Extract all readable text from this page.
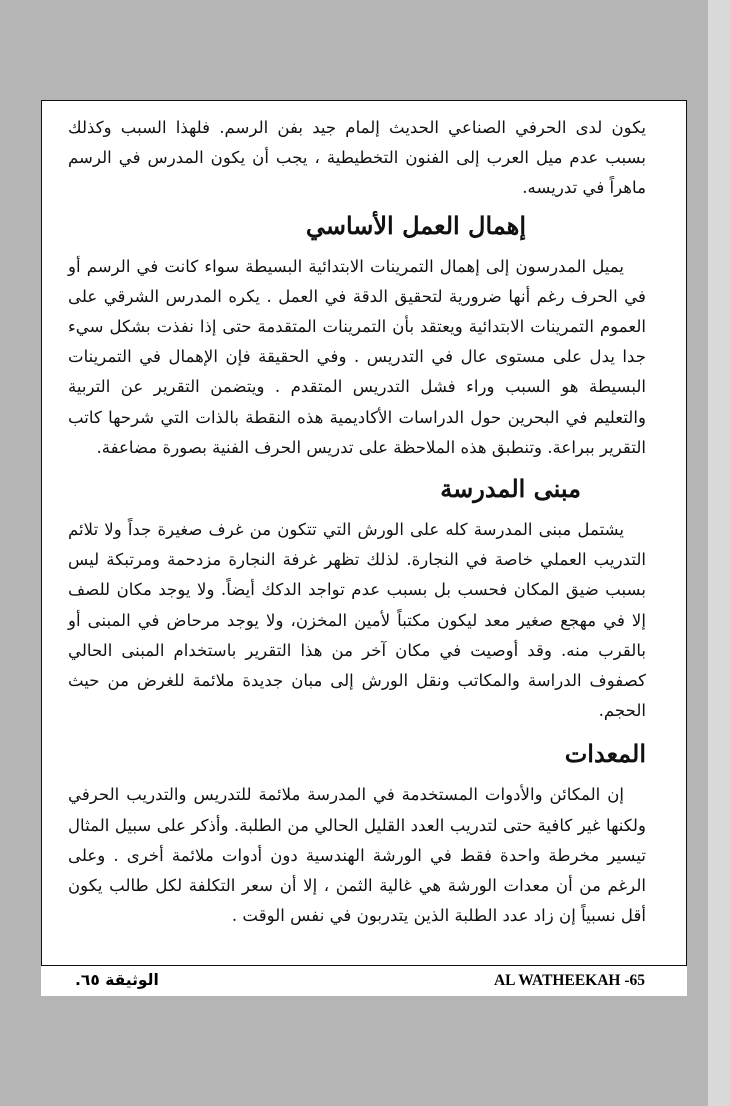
يكون لدى الحرفي الصناعي الحديث إلمام جيد بفن الرسم. فلهذا السبب وكذلك بسبب عدم ميل العرب إلى الفنون التخطيطية ، يجب أن يكون المدرس في الرسم ماهراً في تدريسه.

إهمال العمل الأساسي

يميل المدرسون إلى إهمال التمرينات الابتدائية البسيطة سواء كانت في الرسم أو في الحرف رغم أنها ضرورية لتحقيق الدقة في العمل . يكره المدرس الشرقي على العموم التمرينات الابتدائية ويعتقد بأن التمرينات المتقدمة حتى إذا نفذت بشكل سيء جدا يدل على مستوى عال في التدريس . وفي الحقيقة فإن الإهمال في التمرينات البسيطة هو السبب وراء فشل التدريس المتقدم . ويتضمن التقرير عن التربية والتعليم في البحرين حول الدراسات الأكاديمية هذه النقطة بالذات التي شرحها كاتب التقرير ببراعة. وتنطبق هذه الملاحظة على تدريس الحرف الفنية بصورة مضاعفة.

مبنى المدرسة

يشتمل مبنى المدرسة كله على الورش التي تتكون من غرف صغيرة جداً ولا تلائم التدريب العملي خاصة في النجارة. لذلك تظهر غرفة النجارة مزدحمة ومرتبكة ليس بسبب ضيق المكان فحسب بل بسبب عدم تواجد الدكك أيضاً. ولا يوجد مكان للصف إلا في مهجع صغير معد ليكون مكتباً لأمين المخزن، ولا يوجد مرحاض في المبنى أو بالقرب منه. وقد أوصيت في مكان آخر من هذا التقرير باستخدام المبنى الحالي كصفوف الدراسة والمكاتب ونقل الورش إلى مبان جديدة ملائمة للغرض من حيث الحجم.

المعدات

إن المكائن والأدوات المستخدمة في المدرسة ملائمة للتدريس والتدريب الحرفي ولكنها غير كافية حتى لتدريب العدد القليل الحالي من الطلبة. وأذكر على سبيل المثال تيسير مخرطة واحدة فقط في الورشة الهندسية دون أدوات ملائمة أخرى . وعلى الرغم من أن معدات الورشة هي غالية الثمن ، إلا أن سعر التكلفة لكل طالب يكون أقل نسبياً إن زاد عدد الطلبة الذين يتدربون في نفس الوقت .

AL WATHEEKAH -65
الوثيقة ٦٥.
